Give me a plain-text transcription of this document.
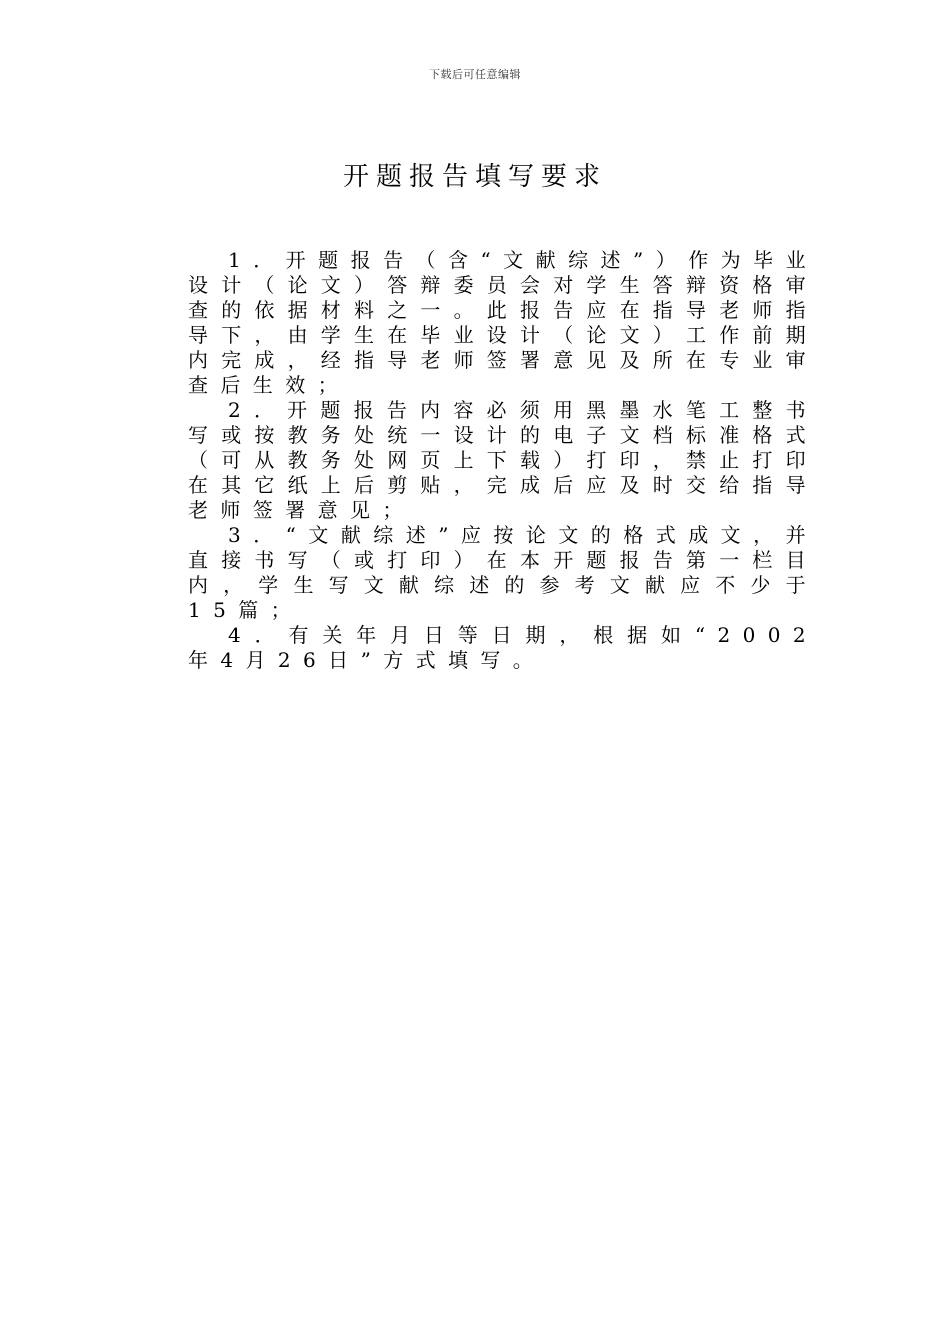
下载后可任意编辑
开题报告填写要求

1．开题报告（含“文献综述”）作为毕业设计（论文）答辩委员会对学生答辩资格审查的依据材料之一。此报告应在指导老师指导下，由学生在毕业设计（论文）工作前期内完成，经指导老师签署意见及所在专业审查后生效；

2．开题报告内容必须用黑墨水笔工整书写或按教务处统一设计的电子文档标准格式（可从教务处网页上下载）打印，禁止打印在其它纸上后剪贴，完成后应及时交给指导老师签署意见；

3．“文献综述”应按论文的格式成文，并直接书写（或打印）在本开题报告第一栏目内，学生写文献综述的参考文献应不少于15篇；

4．有关年月日等日期，根据如“2002年4月26日”方式填写。
